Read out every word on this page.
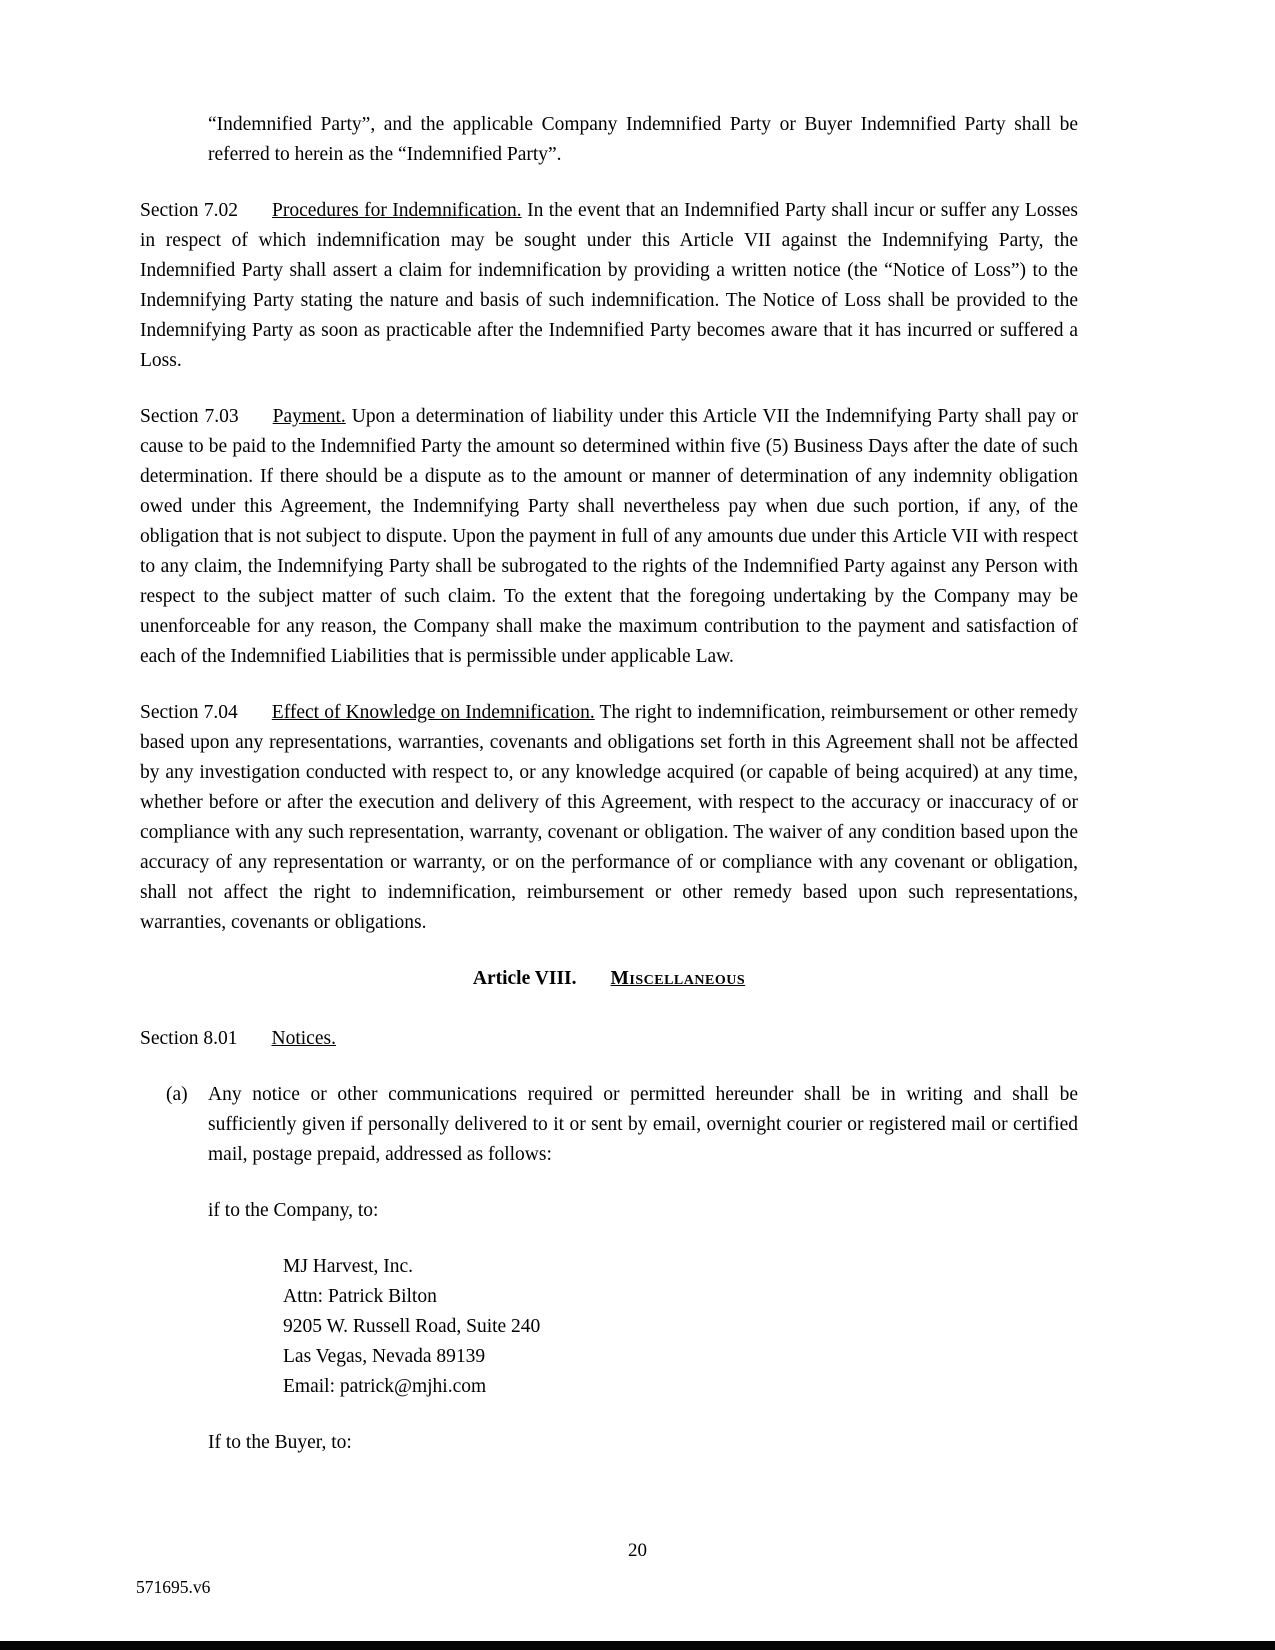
“Indemnified Party”, and the applicable Company Indemnified Party or Buyer Indemnified Party shall be referred to herein as the “Indemnified Party”.

Section 7.02 Procedures for Indemnification. In the event that an Indemnified Party shall incur or suffer any Losses in respect of which indemnification may be sought under this Article VII against the Indemnifying Party, the Indemnified Party shall assert a claim for indemnification by providing a written notice (the “Notice of Loss”) to the Indemnifying Party stating the nature and basis of such indemnification. The Notice of Loss shall be provided to the Indemnifying Party as soon as practicable after the Indemnified Party becomes aware that it has incurred or suffered a Loss.

Section 7.03 Payment. Upon a determination of liability under this Article VII the Indemnifying Party shall pay or cause to be paid to the Indemnified Party the amount so determined within five (5) Business Days after the date of such determination. If there should be a dispute as to the amount or manner of determination of any indemnity obligation owed under this Agreement, the Indemnifying Party shall nevertheless pay when due such portion, if any, of the obligation that is not subject to dispute. Upon the payment in full of any amounts due under this Article VII with respect to any claim, the Indemnifying Party shall be subrogated to the rights of the Indemnified Party against any Person with respect to the subject matter of such claim. To the extent that the foregoing undertaking by the Company may be unenforceable for any reason, the Company shall make the maximum contribution to the payment and satisfaction of each of the Indemnified Liabilities that is permissible under applicable Law.

Section 7.04 Effect of Knowledge on Indemnification. The right to indemnification, reimbursement or other remedy based upon any representations, warranties, covenants and obligations set forth in this Agreement shall not be affected by any investigation conducted with respect to, or any knowledge acquired (or capable of being acquired) at any time, whether before or after the execution and delivery of this Agreement, with respect to the accuracy or inaccuracy of or compliance with any such representation, warranty, covenant or obligation. The waiver of any condition based upon the accuracy of any representation or warranty, or on the performance of or compliance with any covenant or obligation, shall not affect the right to indemnification, reimbursement or other remedy based upon such representations, warranties, covenants or obligations.

Article VIII. Miscellaneous

Section 8.01 Notices.

(a) Any notice or other communications required or permitted hereunder shall be in writing and shall be sufficiently given if personally delivered to it or sent by email, overnight courier or registered mail or certified mail, postage prepaid, addressed as follows:

if to the Company, to:

MJ Harvest, Inc.
Attn: Patrick Bilton
9205 W. Russell Road, Suite 240
Las Vegas, Nevada 89139
Email: patrick@mjhi.com

If to the Buyer, to:

20
571695.v6
